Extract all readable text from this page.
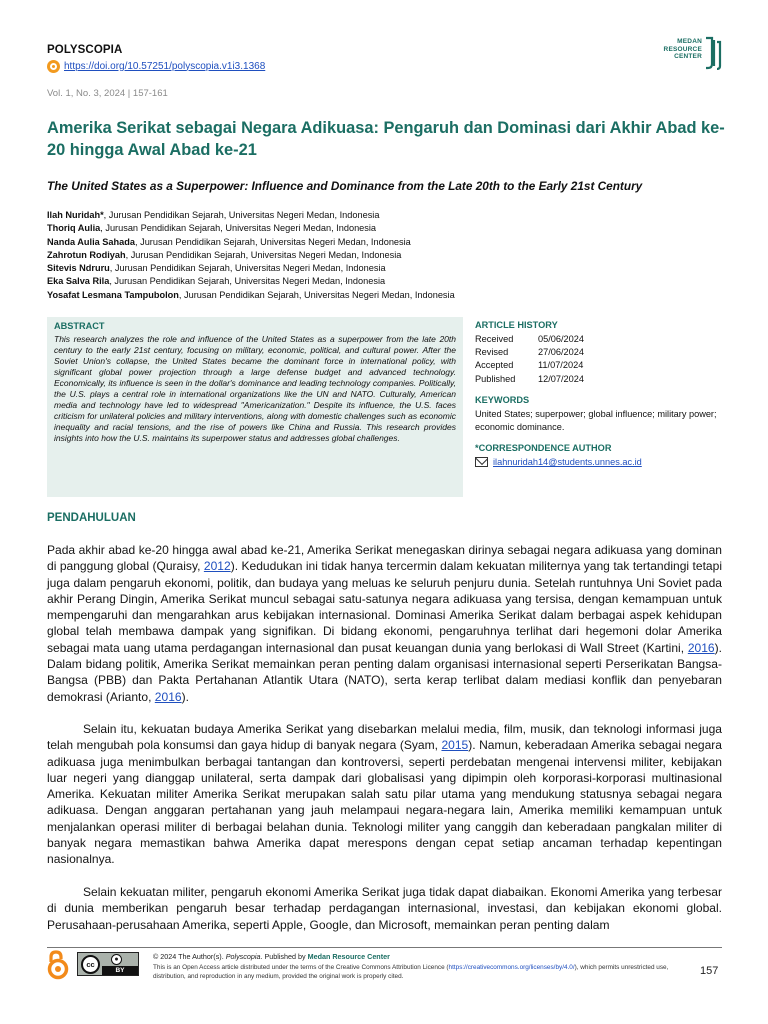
POLYSCOPIA
https://doi.org/10.57251/polyscopia.v1i3.1368
MEDAN RESOURCE CENTER
Vol. 1, No. 3, 2024 | 157-161
Amerika Serikat sebagai Negara Adikuasa: Pengaruh dan Dominasi dari Akhir Abad ke-20 hingga Awal Abad ke-21
The United States as a Superpower: Influence and Dominance from the Late 20th to the Early 21st Century
Ilah Nuridah*, Jurusan Pendidikan Sejarah, Universitas Negeri Medan, Indonesia
Thoriq Aulia, Jurusan Pendidikan Sejarah, Universitas Negeri Medan, Indonesia
Nanda Aulia Sahada, Jurusan Pendidikan Sejarah, Universitas Negeri Medan, Indonesia
Zahrotun Rodiyah, Jurusan Pendidikan Sejarah, Universitas Negeri Medan, Indonesia
Sitevis Ndruru, Jurusan Pendidikan Sejarah, Universitas Negeri Medan, Indonesia
Eka Salva Rila, Jurusan Pendidikan Sejarah, Universitas Negeri Medan, Indonesia
Yosafat Lesmana Tampubolon, Jurusan Pendidikan Sejarah, Universitas Negeri Medan, Indonesia
ABSTRACT
This research analyzes the role and influence of the United States as a superpower from the late 20th century to the early 21st century, focusing on military, economic, political, and cultural power. After the Soviet Union's collapse, the United States became the dominant force in international policy, with significant global power projection through a large defense budget and advanced technology. Economically, its influence is seen in the dollar's dominance and leading technology companies. Politically, the U.S. plays a central role in international organizations like the UN and NATO. Culturally, American media and technology have led to widespread "Americanization." Despite its influence, the U.S. faces criticism for unilateral policies and military interventions, along with domestic challenges such as economic inequality and racial tensions, and the rise of powers like China and Russia. This research provides insights into how the U.S. maintains its superpower status and addresses global challenges.
ARTICLE HISTORY
Received	05/06/2024
Revised	27/06/2024
Accepted	11/07/2024
Published	12/07/2024
KEYWORDS
United States; superpower; global influence; military power; economic dominance.
*CORRESPONDENCE AUTHOR
ilahnuridah14@students.unnes.ac.id
PENDAHULUAN

Pada akhir abad ke-20 hingga awal abad ke-21, Amerika Serikat menegaskan dirinya sebagai negara adikuasa yang dominan di panggung global (Quraisy, 2012). Kedudukan ini tidak hanya tercermin dalam kekuatan militernya yang tak tertandingi tetapi juga dalam pengaruh ekonomi, politik, dan budaya yang meluas ke seluruh penjuru dunia. Setelah runtuhnya Uni Soviet pada akhir Perang Dingin, Amerika Serikat muncul sebagai satu-satunya negara adikuasa yang tersisa, dengan kemampuan untuk mempengaruhi dan mengarahkan arus kebijakan internasional. Dominasi Amerika Serikat dalam berbagai aspek kehidupan global telah membawa dampak yang signifikan. Di bidang ekonomi, pengaruhnya terlihat dari hegemoni dolar Amerika sebagai mata uang utama perdagangan internasional dan pusat keuangan dunia yang berlokasi di Wall Street (Kartini, 2016). Dalam bidang politik, Amerika Serikat memainkan peran penting dalam organisasi internasional seperti Perserikatan Bangsa-Bangsa (PBB) dan Pakta Pertahanan Atlantik Utara (NATO), serta kerap terlibat dalam mediasi konflik dan penyebaran demokrasi (Arianto, 2016).

Selain itu, kekuatan budaya Amerika Serikat yang disebarkan melalui media, film, musik, dan teknologi informasi juga telah mengubah pola konsumsi dan gaya hidup di banyak negara (Syam, 2015). Namun, keberadaan Amerika sebagai negara adikuasa juga menimbulkan berbagai tantangan dan kontroversi, seperti perdebatan mengenai intervensi militer, kebijakan luar negeri yang dianggap unilateral, serta dampak dari globalisasi yang dipimpin oleh korporasi-korporasi multinasional Amerika. Kekuatan militer Amerika Serikat merupakan salah satu pilar utama yang mendukung statusnya sebagai negara adikuasa. Dengan anggaran pertahanan yang jauh melampaui negara-negara lain, Amerika memiliki kemampuan untuk menjalankan operasi militer di berbagai belahan dunia. Teknologi militer yang canggih dan keberadaan pangkalan militer di banyak negara memastikan bahwa Amerika dapat merespons dengan cepat setiap ancaman terhadap kepentingan nasionalnya.

Selain kekuatan militer, pengaruh ekonomi Amerika Serikat juga tidak dapat diabaikan. Ekonomi Amerika yang terbesar di dunia memberikan pengaruh besar terhadap perdagangan internasional, investasi, dan kebijakan ekonomi global. Perusahaan-perusahaan Amerika, seperti Apple, Google, dan Microsoft, memainkan peran penting dalam

cc
●
BY
© 2024 The Author(s). Polyscopia. Published by Medan Resource Center
This is an Open Access article distributed under the terms of the Creative Commons Attribution Licence (https://creativecommons.org/licenses/by/4.0/), which permits unrestricted use, distribution, and reproduction in any medium, provided the original work is properly cited.	157
